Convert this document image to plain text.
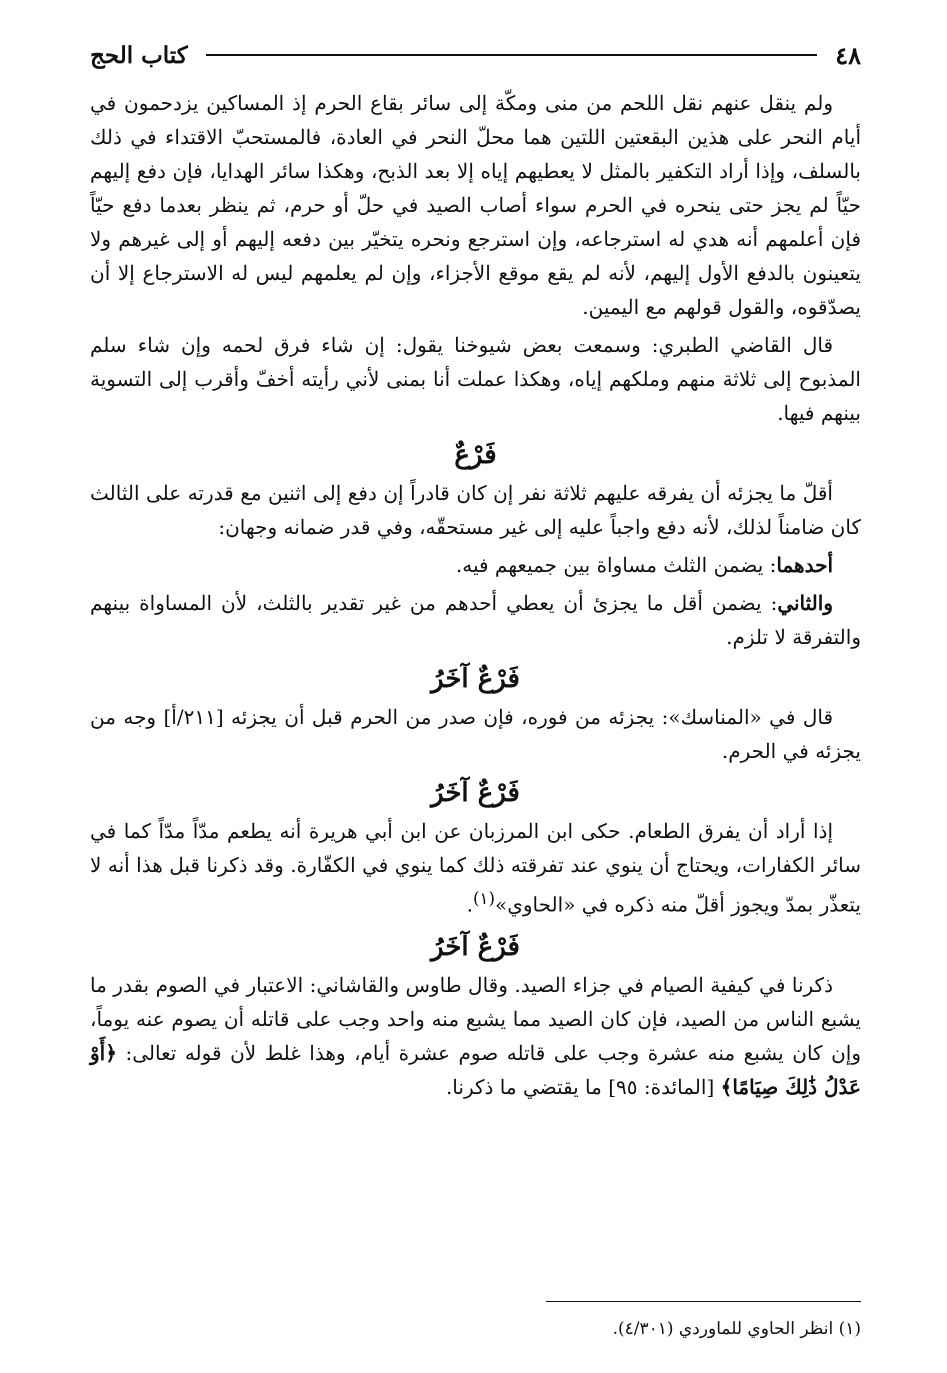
٤٨
كتاب الحج

ولم ينقل عنهم نقل اللحم من منى ومكّة إلى سائر بقاع الحرم إذ المساكين يزدحمون في أيام النحر على هذين البقعتين اللتين هما محلّ النحر في العادة، فالمستحبّ الاقتداء في ذلك بالسلف، وإذا أراد التكفير بالمثل لا يعطيهم إياه إلا بعد الذبح، وهكذا سائر الهدايا، فإن دفع إليهم حيّاً لم يجز حتى ينحره في الحرم سواء أصاب الصيد في حلّ أو حرم، ثم ينظر بعدما دفع حيّاً فإن أعلمهم أنه هدي له استرجاعه، وإن استرجع ونحره يتخيّر بين دفعه إليهم أو إلى غيرهم ولا يتعينون بالدفع الأول إليهم، لأنه لم يقع موقع الأجزاء، وإن لم يعلمهم ليس له الاسترجاع إلا أن يصدّقوه، والقول قولهم مع اليمين.

قال القاضي الطبري: وسمعت بعض شيوخنا يقول: إن شاء فرق لحمه وإن شاء سلم المذبوح إلى ثلاثة منهم وملكهم إياه، وهكذا عملت أنا بمنى لأني رأيته أخفّ وأقرب إلى التسوية بينهم فيها.

فَرْعٌ

أقلّ ما يجزئه أن يفرقه عليهم ثلاثة نفر إن كان قادراً إن دفع إلى اثنين مع قدرته على الثالث كان ضامناً لذلك، لأنه دفع واجباً عليه إلى غير مستحقّه، وفي قدر ضمانه وجهان:

أحدهما: يضمن الثلث مساواة بين جميعهم فيه.

والثاني: يضمن أقل ما يجزئ أن يعطي أحدهم من غير تقدير بالثلث، لأن المساواة بينهم والتفرقة لا تلزم.

فَرْعٌ آخَرُ

قال في «المناسك»: يجزئه من فوره، فإن صدر من الحرم قبل أن يجزئه [٢١١/أ] وجه من يجزئه في الحرم.

فَرْعٌ آخَرُ

إذا أراد أن يفرق الطعام. حكى ابن المرزبان عن ابن أبي هريرة أنه يطعم مدّاً مدّاً كما في سائر الكفارات، ويحتاج أن ينوي عند تفرقته ذلك كما ينوي في الكفّارة. وقد ذكرنا قبل هذا أنه لا يتعذّر بمدّ ويجوز أقلّ منه ذكره في «الحاوي»$^{(١)}$.

فَرْعٌ آخَرُ

ذكرنا في كيفية الصيام في جزاء الصيد. وقال طاوس والقاشاني: الاعتبار في الصوم بقدر ما يشبع الناس من الصيد، فإن كان الصيد مما يشبع منه واحد وجب على قاتله أن يصوم عنه يوماً، وإن كان يشبع منه عشرة وجب على قاتله صوم عشرة أيام، وهذا غلط لأن قوله تعالى: ﴿أَوْ عَدْلُ ذَٰلِكَ صِيَامًا﴾ [المائدة: ٩٥] ما يقتضي ما ذكرنا.

(١) انظر الحاوي للماوردي (٤/٣٠١).
